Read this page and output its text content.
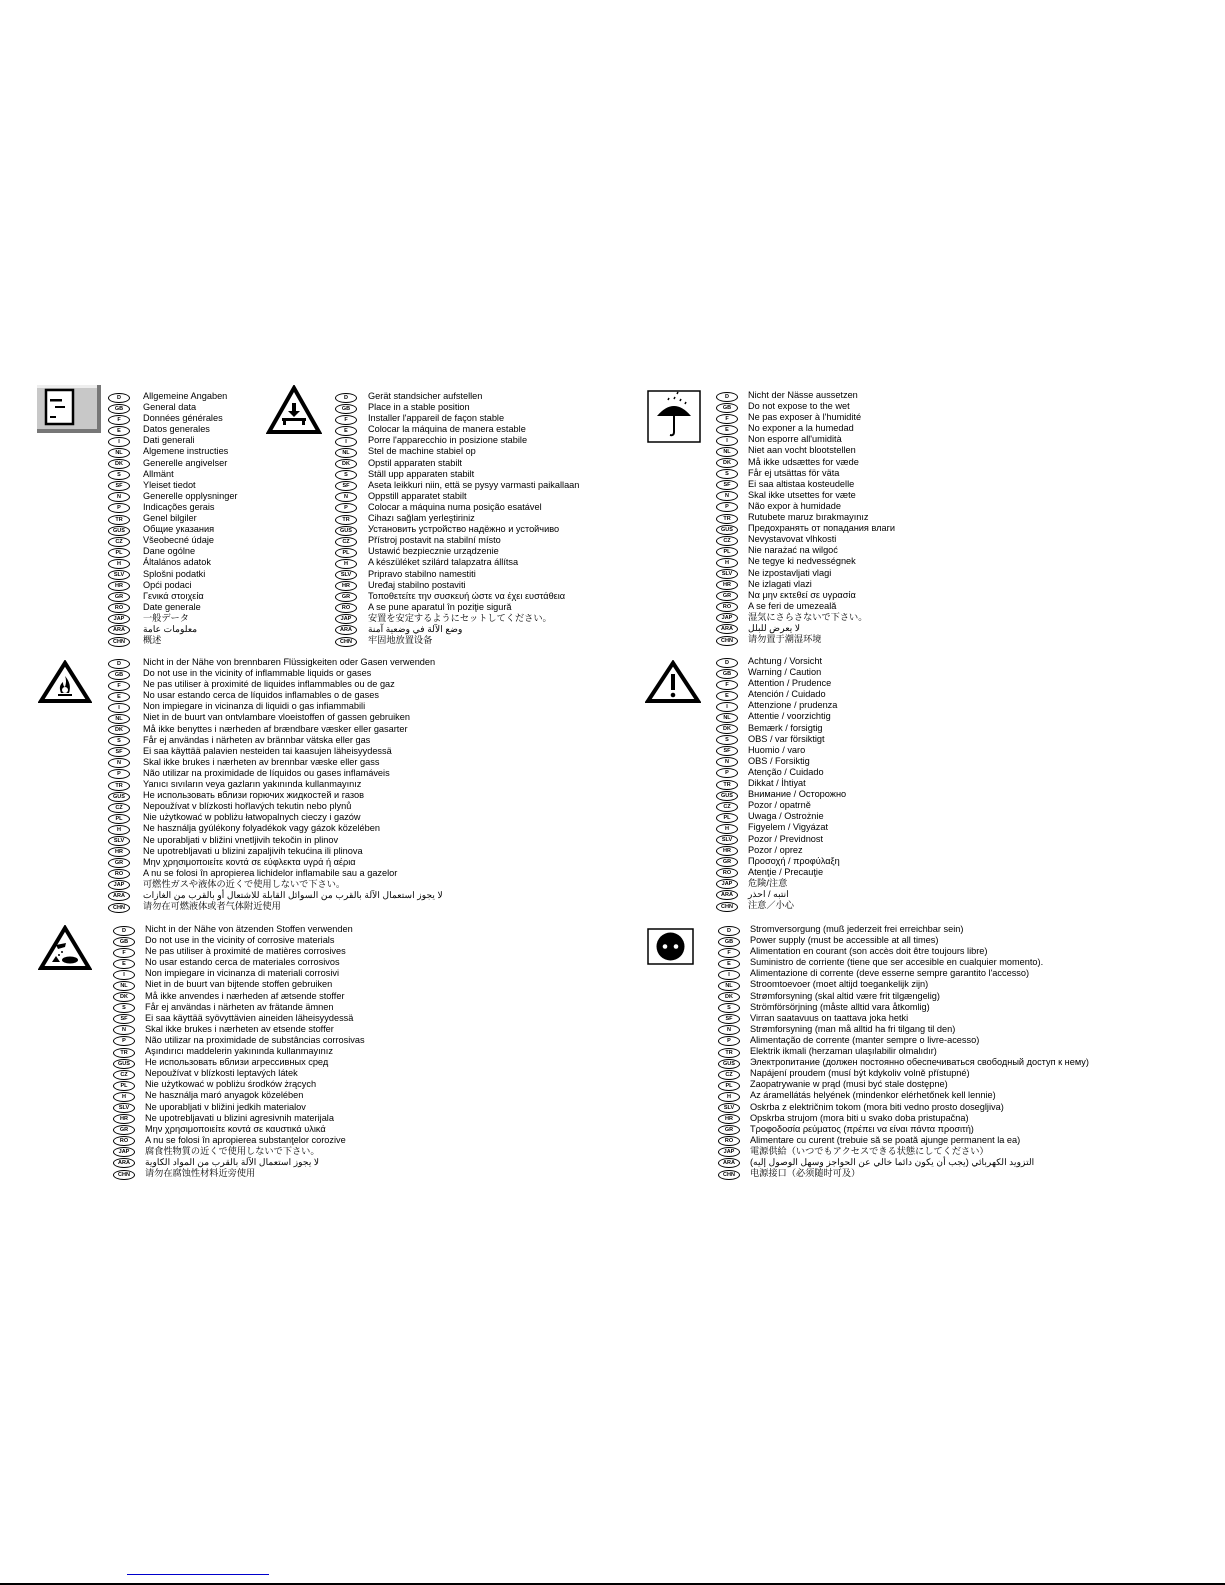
D	Allgemeine Angaben
GB	General data
F	Données générales
E	Datos generales
I	Dati generali
NL	Algemene instructies
DK	Generelle angivelser
S	Allmänt
SF	Yleiset tiedot
N	Generelle opplysninger
P	Indicações gerais
TR	Genel bilgiler
GUS	Общие указания
CZ	Všeobecné údaje
PL	Dane ogólne
H	Általános adatok
SLV	Splošni podatki
HR	Opći podaci
GR	Γενικά στοιχεία
RO	Date generale
JAP	一般データ
ARA	معلومات عامة
CHN	概述
D	Gerät standsicher aufstellen
GB	Place in a stable position
F	Installer l'appareil de façon stable
E	Colocar la máquina de manera estable
I	Porre l'apparecchio in posizione stabile
NL	Stel de machine stabiel op
DK	Opstil apparaten stabilt
S	Ställ upp apparaten stabilt
SF	Aseta leikkuri niin, että se pysyy varmasti paikallaan
N	Oppstill apparatet stabilt
P	Colocar a máquina numa posição esatável
TR	Cihazı sağlam yerleştiriniz
GUS	Установить устройство надёжно и устойчиво
CZ	Přístroj postavit na stabilní místo
PL	Ustawić bezpiecznie urządzenie
H	A készüléket szilárd talapzatra állítsa
SLV	Pripravo stabilno namestiti
HR	Uređaj stabilno postaviti
GR	Τοποθετείτε την συσκευή ώστε να έχει ευστάθεια
RO	A se pune aparatul în poziţie sigură
JAP	安置を安定するようにセットしてください。
ARA	وضع الآلة في وضعية آمنة
CHN	牢固地放置设备
D	Nicht der Nässe aussetzen
GB	Do not expose to the wet
F	Ne pas exposer à l'humidité
E	No exponer a la humedad
I	Non esporre all'umidità
NL	Niet aan vocht blootstellen
DK	Må ikke udsættes for væde
S	Får ej utsättas för väta
SF	Ei saa altistaa kosteudelle
N	Skal ikke utsettes for væte
P	Não expor à humidade
TR	Rutubete maruz bırakmayınız
GUS	Предохранять от попадания влаги
CZ	Nevystavovat vlhkosti
PL	Nie narażać na wilgoć
H	Ne tegye ki nedvességnek
SLV	Ne izpostavljati vlagi
HR	Ne izlagati vlazi
GR	Να μην εκτεθεί σε υγρασία
RO	A se feri de umezeală
JAP	湿気にさらさないで下さい。
ARA	لا يعرض للبلل
CHN	请勿置于潮湿环境
D	Nicht in der Nähe von brennbaren Flüssigkeiten oder Gasen verwenden
GB	Do not use in the vicinity of inflammable liquids or gases
F	Ne pas utiliser à proximité de liquides inflammables ou de gaz
E	No usar estando cerca de líquidos inflamables o de gases
I	Non impiegare in vicinanza di liquidi o gas infiammabili
NL	Niet in de buurt van ontvlambare vloeistoffen of gassen gebruiken
DK	Må ikke benyttes i nærheden af brændbare væsker eller gasarter
S	Får ej användas i närheten av brännbar vätska eller gas
SF	Ei saa käyttää palavien nesteiden tai kaasujen läheisyydessä
N	Skal ikke brukes i nærheten av brennbar væske eller gass
P	Não utilizar na proximidade de líquidos ou gases inflamáveis
TR	Yanıcı sıvıların veya gazların yakınında kullanmayınız
GUS	Не использовать вблизи горючих жидкостей и газов
CZ	Nepoužívat v blízkosti hořlavých tekutin nebo plynů
PL	Nie użytkować w pobliżu łatwopalnych cieczy i gazów
H	Ne használja gyúlékony folyadékok vagy gázok közelében
SLV	Ne uporabljati v bližini vnetljivih tekočin in plinov
HR	Ne upotrebljavati u blizini zapaljivih tekućina ili plinova
GR	Μην χρησιμοποιείτε κοντά σε εύφλεκτα υγρά ή αέρια
RO	A nu se folosi în apropierea lichidelor inflamabile sau a gazelor
JAP	可燃性ガスや液体の近くで使用しないで下さい。
ARA	لا يجوز استعمال الآلة بالقرب من السوائل القابلة للاشتعال أو بالقرب من الغازات
CHN	请勿在可燃液体或者气体附近使用
D	Achtung / Vorsicht
GB	Warning / Caution
F	Attention / Prudence
E	Atención / Cuidado
I	Attenzione / prudenza
NL	Attentie / voorzichtig
DK	Bemærk / forsigtig
S	OBS / var försiktigt
SF	Huomio / varo
N	OBS / Forsiktig
P	Atenção / Cuidado
TR	Dikkat / İhtiyat
GUS	Внимание / Осторожно
CZ	Pozor / opatrně
PL	Uwaga / Ostrożnie
H	Figyelem / Vigyázat
SLV	Pozor / Previdnost
HR	Pozor / oprez
GR	Προσοχή / προφύλαξη
RO	Atenţie / Precauţie
JAP	危険/注意
ARA	انتبه / احذر
CHN	注意／小心
D	Nicht in der Nähe von ätzenden Stoffen verwenden
GB	Do not use in the vicinity of corrosive materials
F	Ne pas utiliser à proximité de matières corrosives
E	No usar estando cerca de materiales corrosivos
I	Non impiegare in vicinanza di materiali corrosivi
NL	Niet in de buurt van bijtende stoffen gebruiken
DK	Må ikke anvendes i nærheden af ætsende stoffer
S	Får ej användas i närheten av frätande ämnen
SF	Ei saa käyttää syövyttävien aineiden läheisyydessä
N	Skal ikke brukes i nærheten av etsende stoffer
P	Não utilizar na proximidade de substâncias corrosivas
TR	Aşındırıcı maddelerin yakınında kullanmayınız
GUS	Не использовать вблизи агрессивных сред
CZ	Nepoužívat v blízkosti leptavých látek
PL	Nie użytkować w pobliżu środków żrących
H	Ne használja maró anyagok közelében
SLV	Ne uporabljati v bližini jedkih materialov
HR	Ne upotrebljavati u blizini agresivnih materijala
GR	Μην χρησιμοποιείτε κοντά σε καυστικά υλικά
RO	A nu se folosi în apropierea substanţelor corozive
JAP	腐食性物質の近くで使用しないで下さい。
ARA	لا يجوز استعمال الآلة بالقرب من المواد الكاوية
CHN	请勿在腐蚀性材料近旁使用
D	Stromversorgung (muß jederzeit frei erreichbar sein)
GB	Power supply (must be accessible at all times)
F	Alimentation en courant (son accès doit être toujours libre)
E	Suministro de corriente (tiene que ser accesible en cualquier momento).
I	Alimentazione di corrente (deve esserne sempre garantito l'accesso)
NL	Stroomtoevoer (moet altijd toegankelijk zijn)
DK	Strømforsyning (skal altid være frit tilgængelig)
S	Strömförsörjning (måste alltid vara åtkomlig)
SF	Virran saatavuus on taattava joka hetki
N	Strømforsyning (man må alltid ha fri tilgang til den)
P	Alimentação de corrente (manter sempre o livre-acesso)
TR	Elektrik ikmali (herzaman ulaşılabilir olmalıdır)
GUS	Электропитание (должен постоянно обеспечиваться свободный доступ к нему)
CZ	Napájení proudem (musí být kdykoliv volně přístupné)
PL	Zaopatrywanie w prąd (musi być stale dostępne)
H	Az áramellátás helyének (mindenkor elérhetőnek kell lennie)
SLV	Oskrba z električnim tokom (mora biti vedno prosto dosegljiva)
HR	Opskrba strujom (mora biti u svako doba pristupačna)
GR	Τροφοδοσία ρεύματος (πρέπει να είναι πάντα προσιτή)
RO	Alimentare cu curent (trebuie să se poată ajunge permanent la ea)
JAP	電源供給（いつでもアクセスできる状態にしてください）
ARA	التزويد الكهربائي (يجب أن يكون دائما خالي عن الحواجز وسهل الوصول إليه)
CHN	电源接口（必须随时可及）
